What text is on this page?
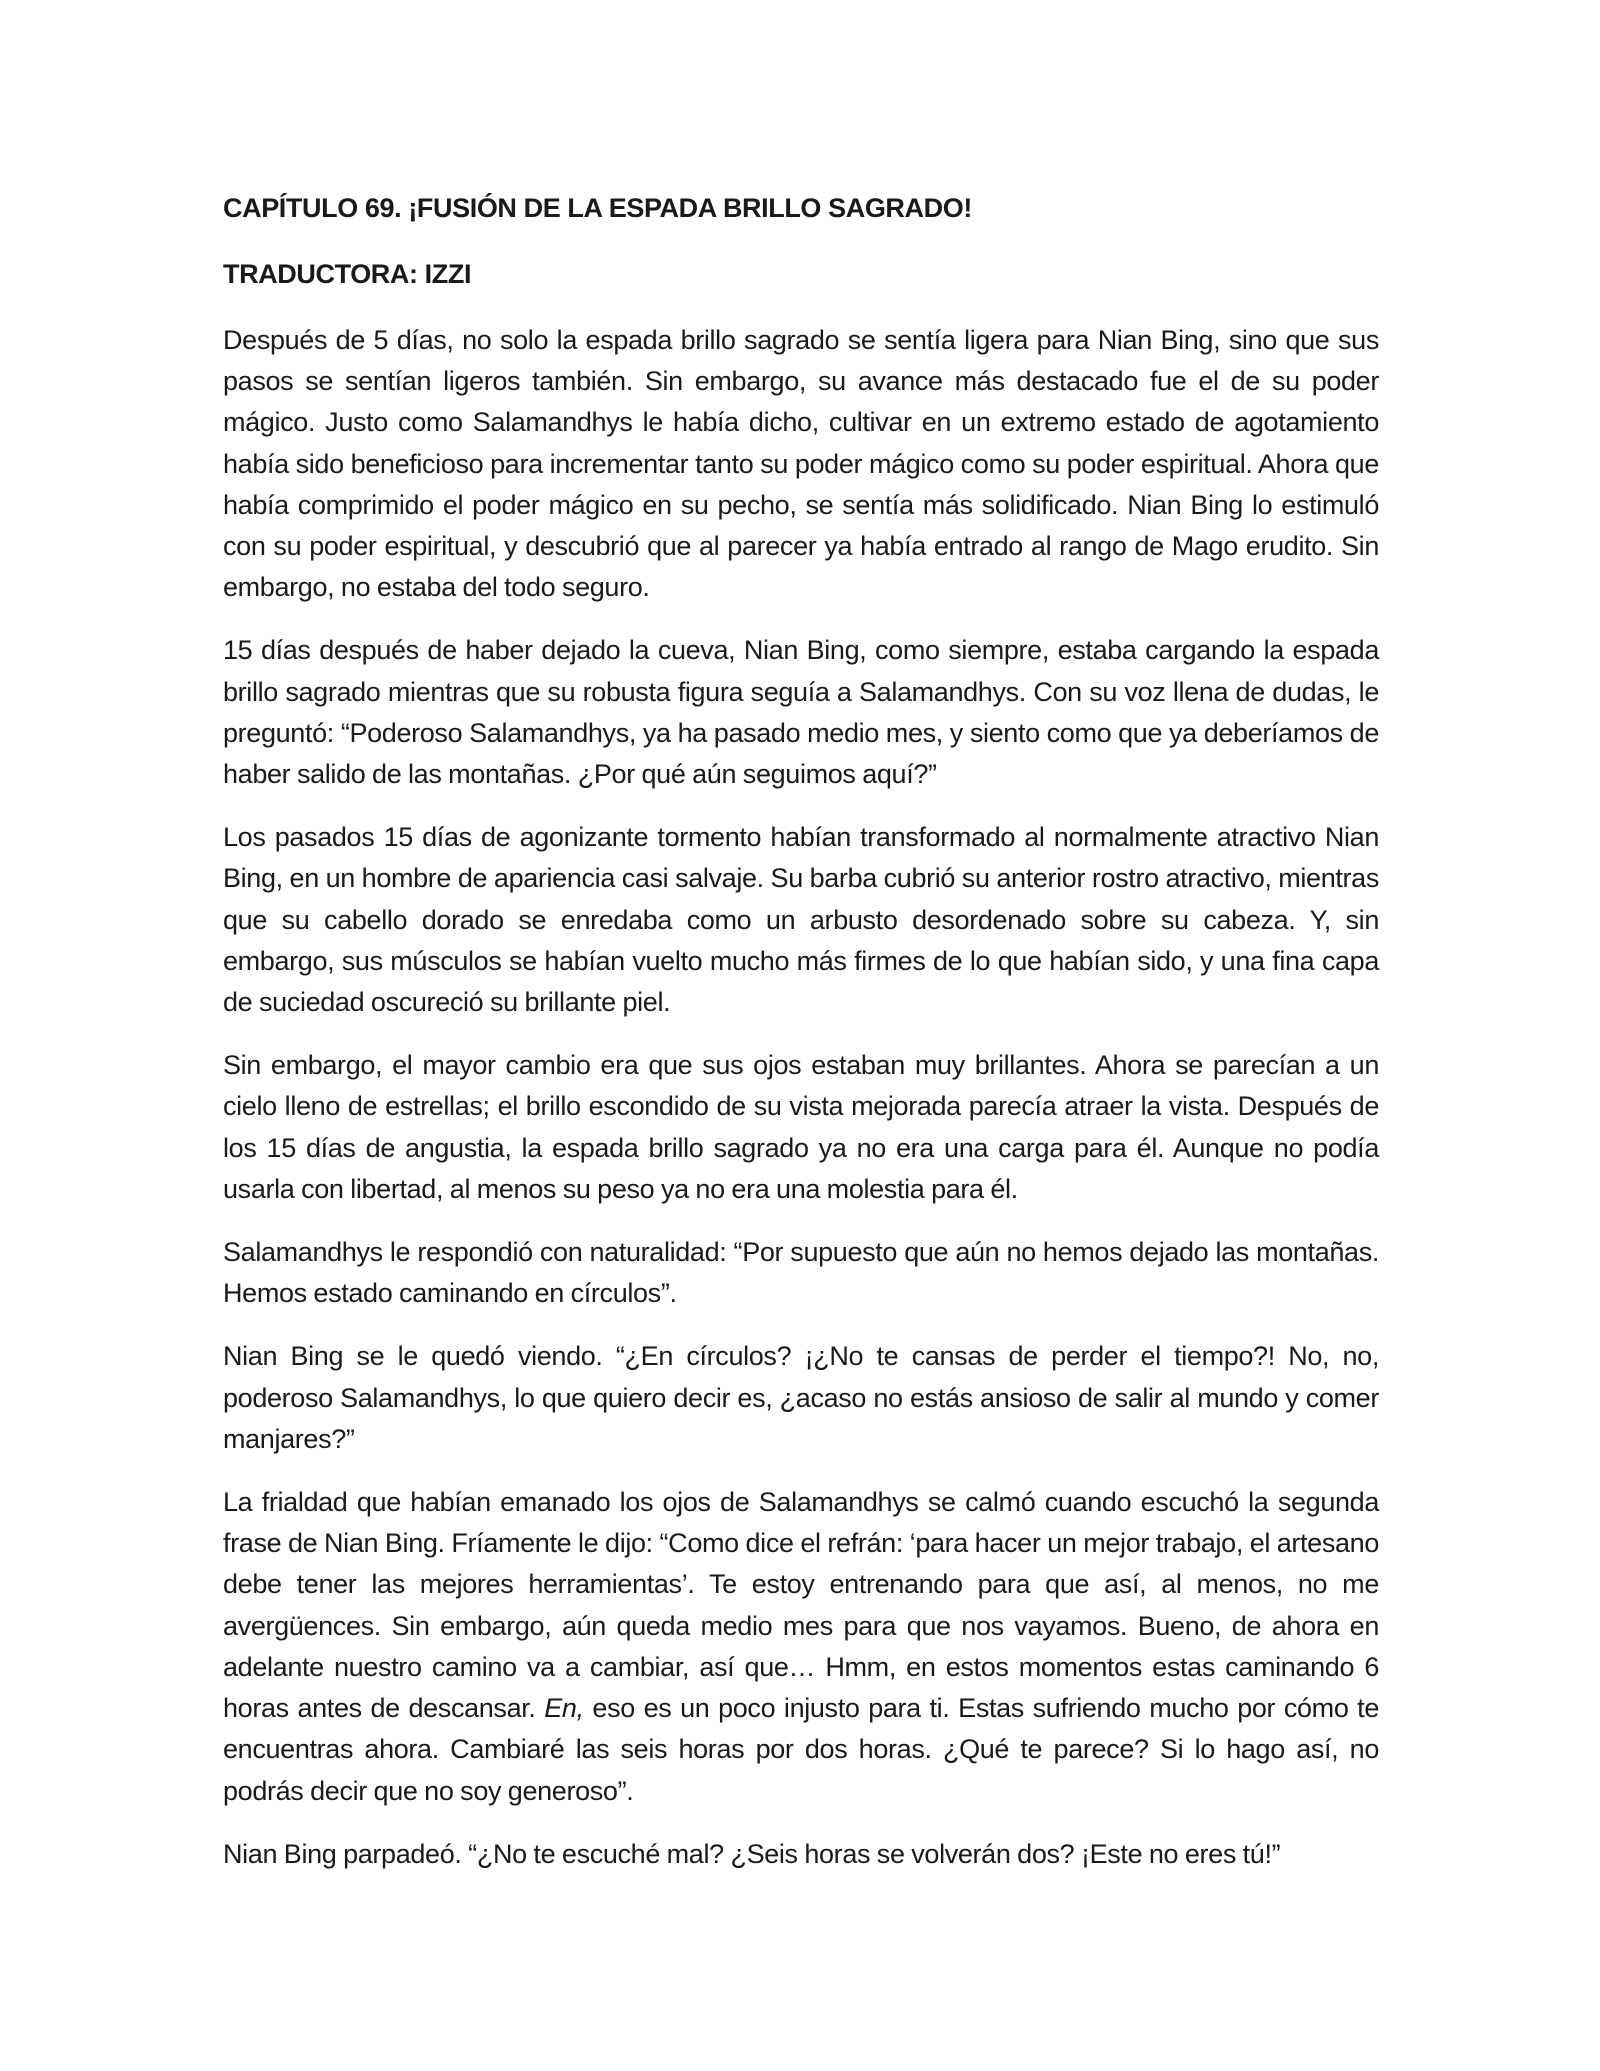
CAPÍTULO 69. ¡FUSIÓN DE LA ESPADA BRILLO SAGRADO!
TRADUCTORA: IZZI

Después de 5 días, no solo la espada brillo sagrado se sentía ligera para Nian Bing, sino que sus pasos se sentían ligeros también. Sin embargo, su avance más destacado fue el de su poder mágico. Justo como Salamandhys le había dicho, cultivar en un extremo estado de agotamiento había sido beneficioso para incrementar tanto su poder mágico como su poder espiritual. Ahora que había comprimido el poder mágico en su pecho, se sentía más solidificado. Nian Bing lo estimuló con su poder espiritual, y descubrió que al parecer ya había entrado al rango de Mago erudito. Sin embargo, no estaba del todo seguro.

15 días después de haber dejado la cueva, Nian Bing, como siempre, estaba cargando la espada brillo sagrado mientras que su robusta figura seguía a Salamandhys. Con su voz llena de dudas, le preguntó: “Poderoso Salamandhys, ya ha pasado medio mes, y siento como que ya deberíamos de haber salido de las montañas. ¿Por qué aún seguimos aquí?”

Los pasados 15 días de agonizante tormento habían transformado al normalmente atractivo Nian Bing, en un hombre de apariencia casi salvaje. Su barba cubrió su anterior rostro atractivo, mientras que su cabello dorado se enredaba como un arbusto desordenado sobre su cabeza. Y, sin embargo, sus músculos se habían vuelto mucho más firmes de lo que habían sido, y una fina capa de suciedad oscureció su brillante piel.

Sin embargo, el mayor cambio era que sus ojos estaban muy brillantes. Ahora se parecían a un cielo lleno de estrellas; el brillo escondido de su vista mejorada parecía atraer la vista. Después de los 15 días de angustia, la espada brillo sagrado ya no era una carga para él. Aunque no podía usarla con libertad, al menos su peso ya no era una molestia para él.

Salamandhys le respondió con naturalidad: “Por supuesto que aún no hemos dejado las montañas. Hemos estado caminando en círculos”.

Nian Bing se le quedó viendo. “¿En círculos? ¡¿No te cansas de perder el tiempo?! No, no, poderoso Salamandhys, lo que quiero decir es, ¿acaso no estás ansioso de salir al mundo y comer manjares?”

La frialdad que habían emanado los ojos de Salamandhys se calmó cuando escuchó la segunda frase de Nian Bing. Fríamente le dijo: “Como dice el refrán: ‘para hacer un mejor trabajo, el artesano debe tener las mejores herramientas’. Te estoy entrenando para que así, al menos, no me avergüences. Sin embargo, aún queda medio mes para que nos vayamos. Bueno, de ahora en adelante nuestro camino va a cambiar, así que… Hmm, en estos momentos estas caminando 6 horas antes de descansar. En, eso es un poco injusto para ti. Estas sufriendo mucho por cómo te encuentras ahora. Cambiaré las seis horas por dos horas. ¿Qué te parece? Si lo hago así, no podrás decir que no soy generoso”.

Nian Bing parpadeó. “¿No te escuché mal? ¿Seis horas se volverán dos? ¡Este no eres tú!”
